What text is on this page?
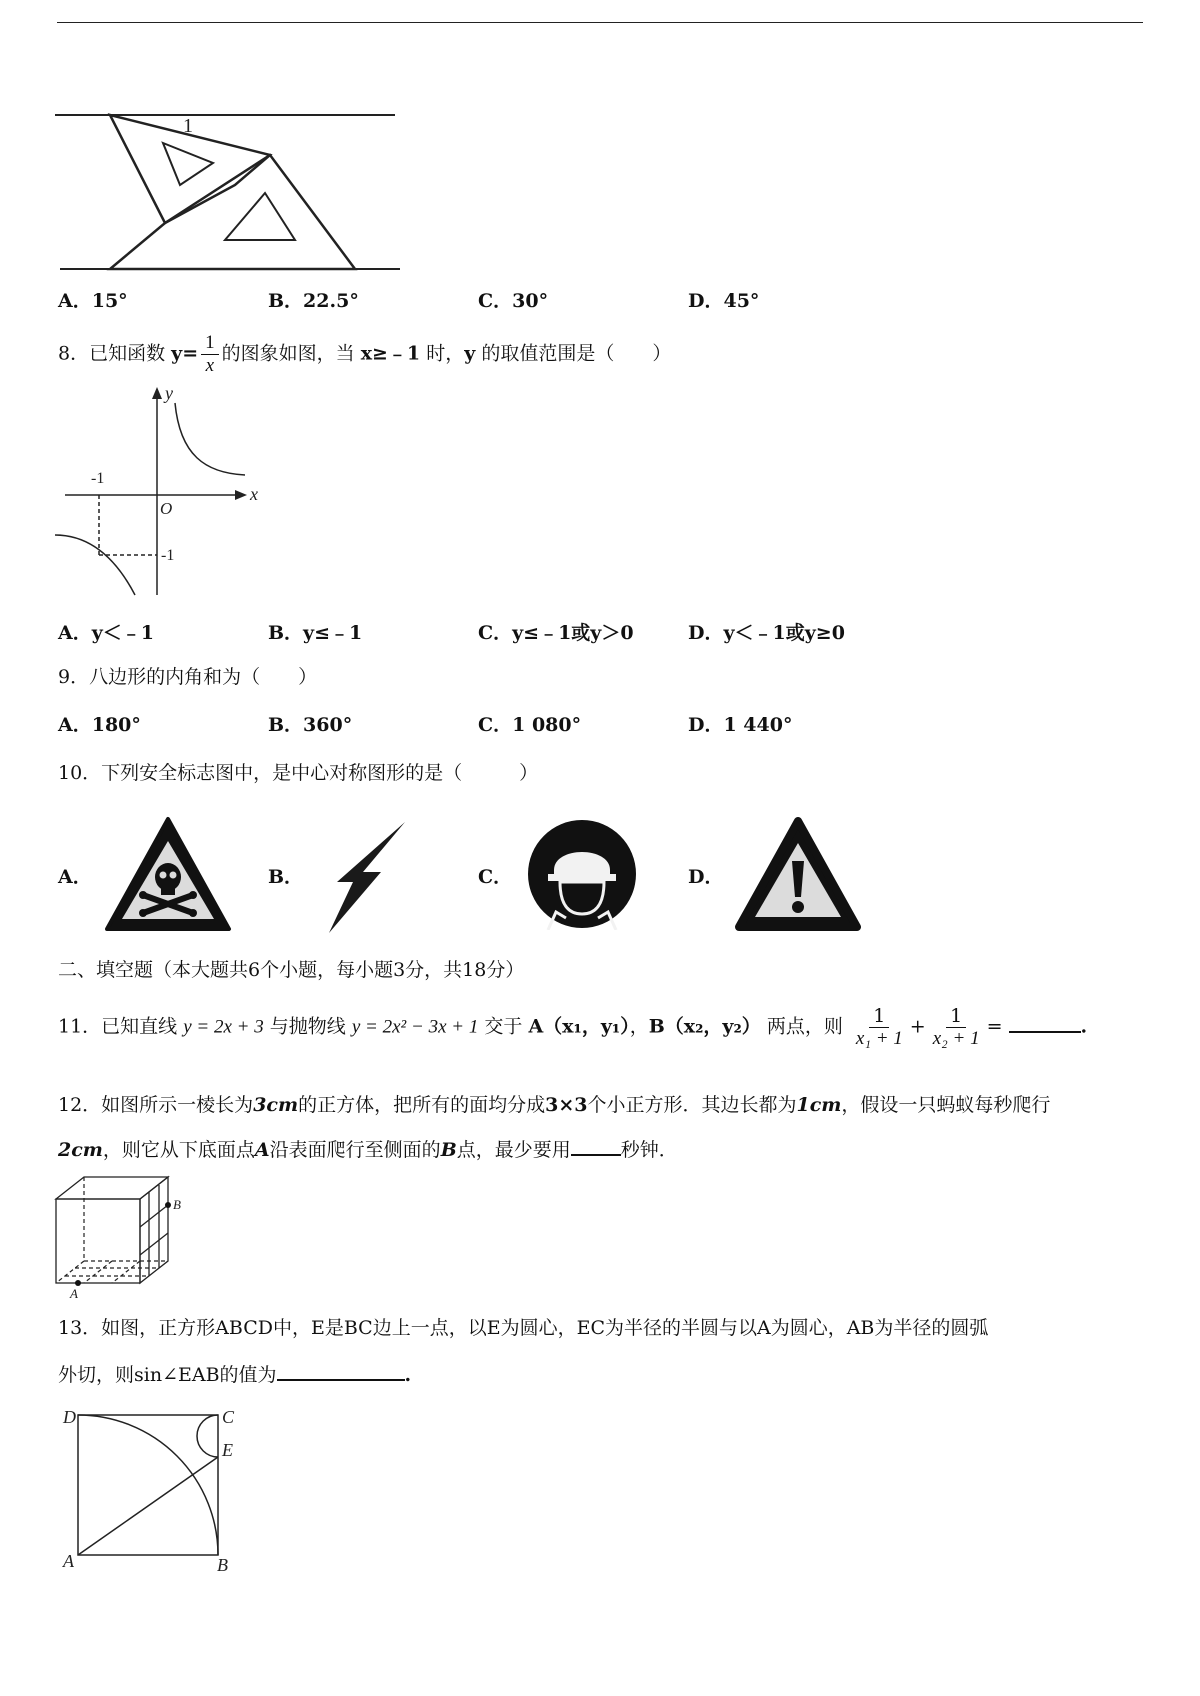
1
A．15°	B．22.5°	C．30°	D．45°
8．已知函数 $y= \frac{1}{x}$ 的图象如图，当 x≥﹣1 时，y 的取值范围是（　　）
y
x
O
-1
-1
A．y＜﹣1	B．y≤﹣1	C．y≤﹣1或y＞0	D．y＜﹣1或y≥0
9．八边形的内角和为（　　）
A．180°	B．360°	C．1 080°	D．1 440°
10．下列安全标志图中，是中心对称图形的是（　　　）
A．	B．	C．	D．
二、填空题（本大题共6个小题，每小题3分，共18分）
11．已知直线 y = 2x + 3 与抛物线 y = 2x² − 3x + 1 交于 A（x₁，y₁），B（x₂，y₂） 两点，则 $\frac{1}{\text{x₁ + 1}} + \frac{1}{\text{x₂ + 1}}$ =	.
12．如图所示一棱长为3cm的正方体，把所有的面均分成3×3个小正方形．其边长都为1cm，假设一只蚂蚁每秒爬行
2cm，则它从下底面点A沿表面爬行至侧面的B点，最少要用	秒钟．
B
A
13．如图，正方形ABCD中，E是BC边上一点，以E为圆心，EC为半径的半圆与以A为圆心，AB为半径的圆弧
外切，则sin∠EAB的值为	.
D	C
E
A	B
